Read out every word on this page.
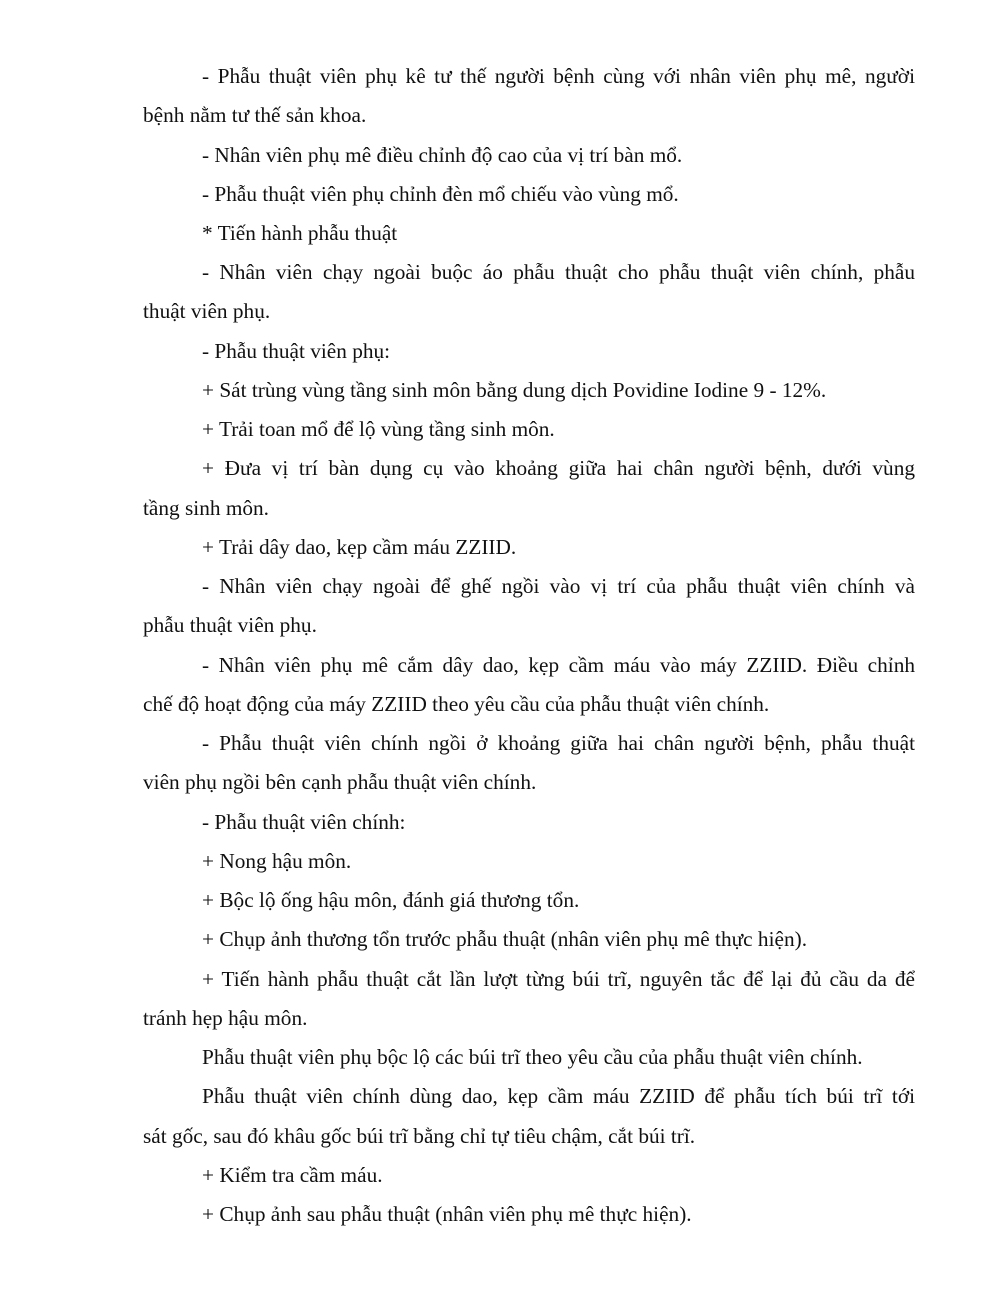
- Phẫu thuật viên phụ kê tư thế người bệnh cùng với nhân viên phụ mê, người
bệnh nằm tư thế sản khoa.
- Nhân viên phụ mê điều chỉnh độ cao của vị trí bàn mổ.
- Phẫu thuật viên phụ chỉnh đèn mổ chiếu vào vùng mổ.
* Tiến hành phẫu thuật
- Nhân viên chạy ngoài buộc áo phẫu thuật cho phẫu thuật viên chính, phẫu
thuật viên phụ.
- Phẫu thuật viên phụ:
+ Sát trùng vùng tầng sinh môn bằng dung dịch Povidine Iodine 9 - 12%.
+ Trải toan mổ để lộ vùng tầng sinh môn.
+ Đưa vị trí bàn dụng cụ vào khoảng giữa hai chân người bệnh, dưới vùng
tầng sinh môn.
+ Trải dây dao, kẹp cầm máu ZZIID.
- Nhân viên chạy ngoài để ghế ngồi vào vị trí của phẫu thuật viên chính và
phẫu thuật viên phụ.
- Nhân viên phụ mê cắm dây dao, kẹp cầm máu vào máy ZZIID. Điều chỉnh
chế độ hoạt động của máy ZZIID theo yêu cầu của phẫu thuật viên chính.
- Phẫu thuật viên chính ngồi ở khoảng giữa hai chân người bệnh, phẫu thuật
viên phụ ngồi bên cạnh phẫu thuật viên chính.
- Phẫu thuật viên chính:
+ Nong hậu môn.
+ Bộc lộ ống hậu môn, đánh giá thương tổn.
+ Chụp ảnh thương tổn trước phẫu thuật (nhân viên phụ mê thực hiện).
+ Tiến hành phẫu thuật cắt lần lượt từng búi trĩ, nguyên tắc để lại đủ cầu da để
tránh hẹp hậu môn.
Phẫu thuật viên phụ bộc lộ các búi trĩ theo yêu cầu của phẫu thuật viên chính.
Phẫu thuật viên chính dùng dao, kẹp cầm máu ZZIID để phẫu tích búi trĩ tới
sát gốc, sau đó khâu gốc búi trĩ bằng chỉ tự tiêu chậm, cắt búi trĩ.
+ Kiểm tra cầm máu.
+ Chụp ảnh sau phẫu thuật (nhân viên phụ mê thực hiện).
